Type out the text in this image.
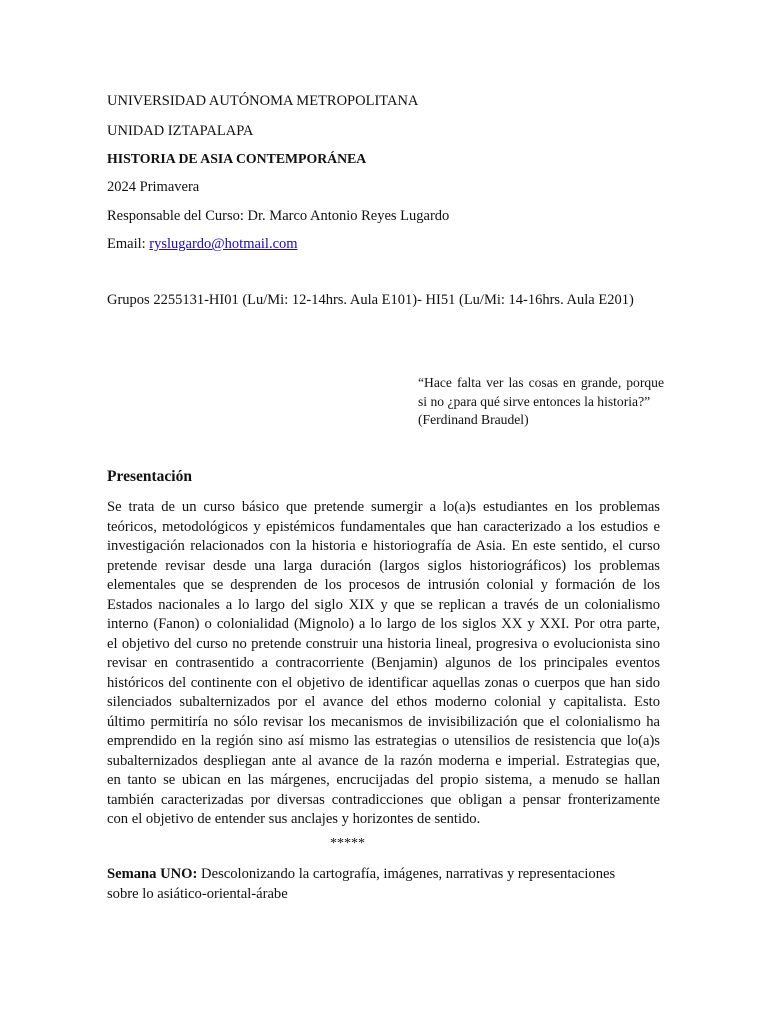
UNIVERSIDAD AUTÓNOMA METROPOLITANA
UNIDAD IZTAPALAPA
HISTORIA DE ASIA CONTEMPORÁNEA
2024 Primavera
Responsable del Curso: Dr. Marco Antonio Reyes Lugardo
Email: ryslugardo@hotmail.com
Grupos 2255131-HI01 (Lu/Mi: 12-14hrs. Aula E101)- HI51 (Lu/Mi: 14-16hrs. Aula E201)
“Hace falta ver las cosas en grande, porque
si no ¿para qué sirve entonces la historia?”
(Ferdinand Braudel)
Presentación
Se trata de un curso básico que pretende sumergir a lo(a)s estudiantes en los problemas
teóricos, metodológicos y epistémicos fundamentales que han caracterizado a los estudios e
investigación relacionados con la historia e historiografía de Asia. En este sentido, el curso
pretende revisar desde una larga duración (largos siglos historiográficos) los problemas
elementales que se desprenden de los procesos de intrusión colonial y formación de los
Estados nacionales a lo largo del siglo XIX y que se replican a través de un colonialismo
interno (Fanon) o colonialidad (Mignolo) a lo largo de los siglos XX y XXI. Por otra parte,
el objetivo del curso no pretende construir una historia lineal, progresiva o evolucionista sino
revisar en contrasentido a contracorriente (Benjamin) algunos de los principales eventos
históricos del continente con el objetivo de identificar aquellas zonas o cuerpos que han sido
silenciados subalternizados por el avance del ethos moderno colonial y capitalista. Esto
último permitiría no sólo revisar los mecanismos de invisibilización que el colonialismo ha
emprendido en la región sino así mismo las estrategias o utensilios de resistencia que lo(a)s
subalternizados despliegan ante al avance de la razón moderna e imperial. Estrategias que,
en tanto se ubican en las márgenes, encrucijadas del propio sistema, a menudo se hallan
también caracterizadas por diversas contradicciones que obligan a pensar fronterizamente
con el objetivo de entender sus anclajes y horizontes de sentido.
*****
Semana UNO: Descolonizando la cartografía, imágenes, narrativas y representaciones
sobre lo asiático-oriental-árabe
